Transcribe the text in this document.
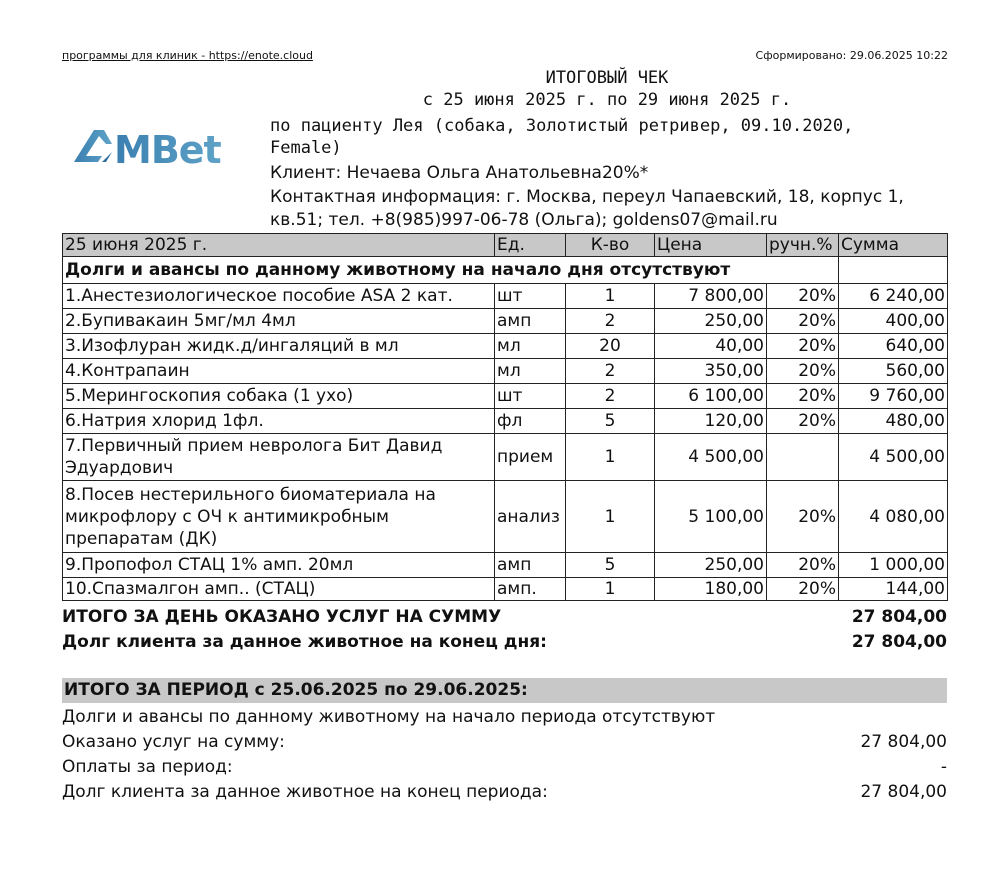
программы для клиник - https://enote.cloud	Сформировано: 29.06.2025 10:22
MBet
ИТОГОВЫЙ ЧЕК
с 25 июня 2025 г. по 29 июня 2025 г.
по пациенту Лея (собака, Золотистый ретривер, 09.10.2020, Female)
Клиент: Нечаева Ольга Анатольевна20%*
Контактная информация: г. Москва, переул Чапаевский, 18, корпус 1, кв.51; тел. +8(985)997-06-78 (Ольга); goldens07@mail.ru
25 июня 2025 г.	Ед.	К-во	Цена	ручн.%	Сумма
Долги и авансы по данному животному на начало дня отсутствуют					
1.Анестезиологическое пособие ASA 2 кат.	шт	1	7 800,00	20%	6 240,00
2.Бупивакаин 5мг/мл 4мл	амп	2	250,00	20%	400,00
3.Изофлуран жидк.д/ингаляций в мл	мл	20	40,00	20%	640,00
4.Контрапаин	мл	2	350,00	20%	560,00
5.Мерингоскопия собака (1 ухо)	шт	2	6 100,00	20%	9 760,00
6.Натрия хлорид 1фл.	фл	5	120,00	20%	480,00
7.Первичный прием невролога Бит Давид Эдуардович	прием	1	4 500,00		4 500,00
8.Посев нестерильного биоматериала на микрофлору с ОЧ к антимикробным препаратам (ДК)	анализ	1	5 100,00	20%	4 080,00
9.Пропофол СТАЦ 1% амп. 20мл	амп	5	250,00	20%	1 000,00
10.Спазмалгон амп.. (СТАЦ)	амп.	1	180,00	20%	144,00
ИТОГО ЗА ДЕНЬ ОКАЗАНО УСЛУГ НА СУММУ	27 804,00
Долг клиента за данное животное на конец дня:	27 804,00
ИТОГО ЗА ПЕРИОД с 25.06.2025 по 29.06.2025:
Долги и авансы по данному животному на начало периода отсутствуют
Оказано услуг на сумму:	27 804,00
Оплаты за период:	-
Долг клиента за данное животное на конец периода:	27 804,00
